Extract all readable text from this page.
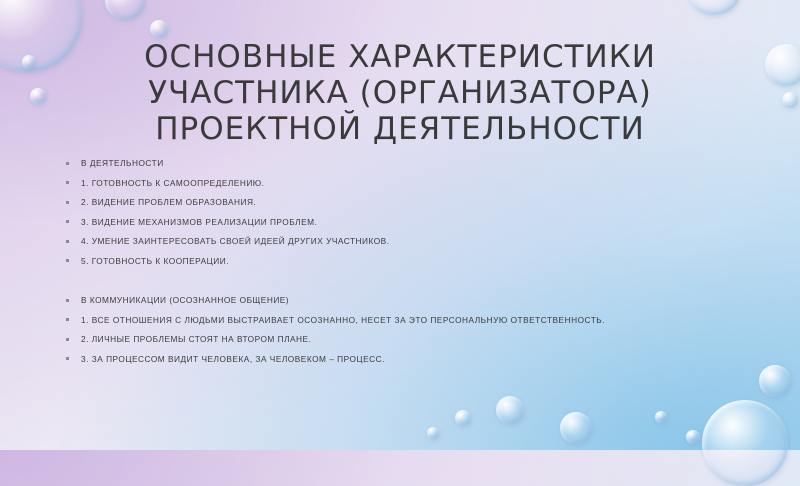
ОСНОВНЫЕ ХАРАКТЕРИСТИКИ
УЧАСТНИКА (ОРГАНИЗАТОРА)
ПРОЕКТНОЙ ДЕЯТЕЛЬНОСТИ
В ДЕЯТЕЛЬНОСТИ
1. ГОТОВНОСТЬ К САМООПРЕДЕЛЕНИЮ.
2. ВИДЕНИЕ ПРОБЛЕМ ОБРАЗОВАНИЯ.
3. ВИДЕНИЕ МЕХАНИЗМОВ РЕАЛИЗАЦИИ ПРОБЛЕМ.
4. УМЕНИЕ ЗАИНТЕРЕСОВАТЬ СВОЕЙ ИДЕЕЙ ДРУГИХ УЧАСТНИКОВ.
5. ГОТОВНОСТЬ К КООПЕРАЦИИ.
В КОММУНИКАЦИИ (ОСОЗНАННОЕ ОБЩЕНИЕ)
1. ВСЕ ОТНОШЕНИЯ С ЛЮДЬМИ ВЫСТРАИВАЕТ ОСОЗНАННО, НЕСЕТ ЗА ЭТО ПЕРСОНАЛЬНУЮ ОТВЕТСТВЕННОСТЬ.
2. ЛИЧНЫЕ ПРОБЛЕМЫ СТОЯТ НА ВТОРОМ ПЛАНЕ.
3. ЗА ПРОЦЕССОМ ВИДИТ ЧЕЛОВЕКА, ЗА ЧЕЛОВЕКОМ – ПРОЦЕСС.
